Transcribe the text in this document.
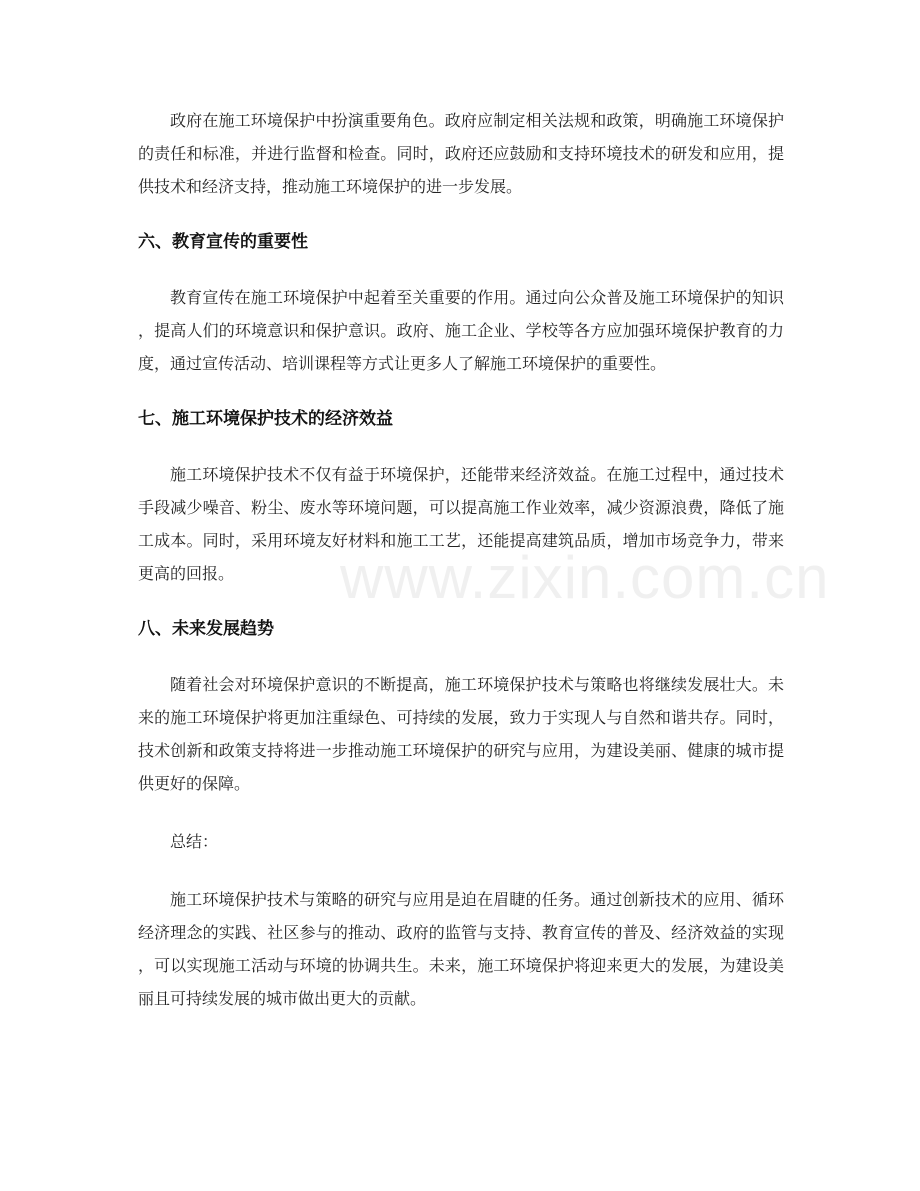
政府在施工环境保护中扮演重要角色。政府应制定相关法规和政策，明确施工环境保护的责任和标准，并进行监督和检查。同时，政府还应鼓励和支持环境技术的研发和应用，提供技术和经济支持，推动施工环境保护的进一步发展。

六、教育宣传的重要性

教育宣传在施工环境保护中起着至关重要的作用。通过向公众普及施工环境保护的知识，提高人们的环境意识和保护意识。政府、施工企业、学校等各方应加强环境保护教育的力度，通过宣传活动、培训课程等方式让更多人了解施工环境保护的重要性。

七、施工环境保护技术的经济效益

施工环境保护技术不仅有益于环境保护，还能带来经济效益。在施工过程中，通过技术手段减少噪音、粉尘、废水等环境问题，可以提高施工作业效率，减少资源浪费，降低了施工成本。同时，采用环境友好材料和施工工艺，还能提高建筑品质，增加市场竞争力，带来更高的回报。

八、未来发展趋势

随着社会对环境保护意识的不断提高，施工环境保护技术与策略也将继续发展壮大。未来的施工环境保护将更加注重绿色、可持续的发展，致力于实现人与自然和谐共存。同时，技术创新和政策支持将进一步推动施工环境保护的研究与应用，为建设美丽、健康的城市提供更好的保障。

总结：

施工环境保护技术与策略的研究与应用是迫在眉睫的任务。通过创新技术的应用、循环经济理念的实践、社区参与的推动、政府的监管与支持、教育宣传的普及、经济效益的实现，可以实现施工活动与环境的协调共生。未来，施工环境保护将迎来更大的发展，为建设美丽且可持续发展的城市做出更大的贡献。

www.zixin.com.cn
